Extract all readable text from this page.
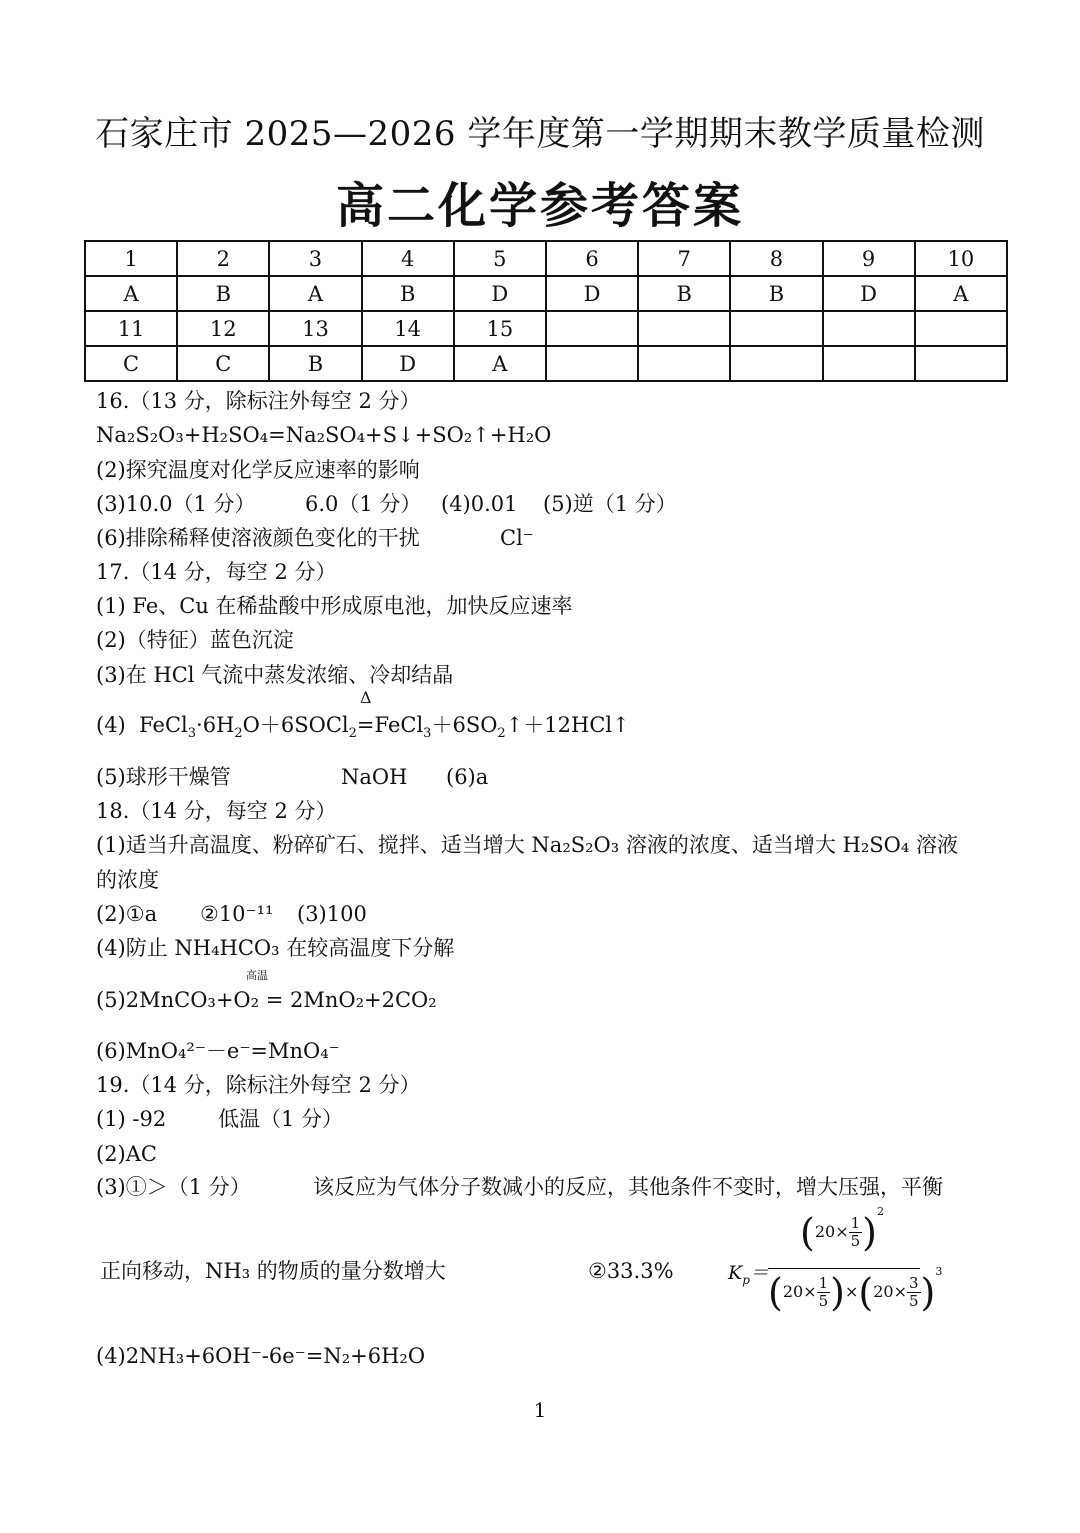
石家庄市 2025—2026 学年度第一学期期末教学质量检测
高二化学参考答案
1	2	3	4	5	6	7	8	9	10
A	B	A	B	D	D	B	B	D	A
11	12	13	14	15					
C	C	B	D	A					
16.（13 分，除标注外每空 2 分）
Na₂S₂O₃+H₂SO₄=Na₂SO₄+S↓+SO₂↑+H₂O
(2)探究温度对化学反应速率的影响
(3)10.0（1 分） 6.0（1 分） (4)0.01 (5)逆（1 分）
(6)排除稀释使溶液颜色变化的干扰	Cl⁻
17.（14 分，每空 2 分）
(1) Fe、Cu 在稀盐酸中形成原电池，加快反应速率
(2)（特征）蓝色沉淀
(3)在 HCl 气流中蒸发浓缩、冷却结晶
(4)  $FeCl_3\cdot 6H_2O+6SOCl_2$
Δ
$=FeCl_3+6SO_2↑+12HCl↑$
(5)球形干燥管	NaOH (6)a
18.（14 分，每空 2 分）
(1)适当升高温度、粉碎矿石、搅拌、适当增大 Na₂S₂O₃ 溶液的浓度、适当增大 H₂SO₄ 溶液
的浓度
(2)①a ②10⁻¹¹ (3)100
(4)防止 NH₄HCO₃ 在较高温度下分解
高温
(5)2MnCO₃+O₂ = 2MnO₂+2CO₂
(6)MnO₄²⁻－e⁻=MnO₄⁻
19.（14 分，除标注外每空 2 分）
(1) -92 低温（1 分）
(2)AC
(3)①＞（1 分）	该反应为气体分子数减小的反应，其他条件不变时，增大压强，平衡
正向移动，NH₃ 的物质的量分数增大	②33.3%	$K_p=$
$(20\times \frac{1}{5} )^2$
$(20\times \frac{1}{5} )\times(20\times \frac{3}{5} )^3$
(4)2NH₃+6OH⁻-6e⁻=N₂+6H₂O
1
